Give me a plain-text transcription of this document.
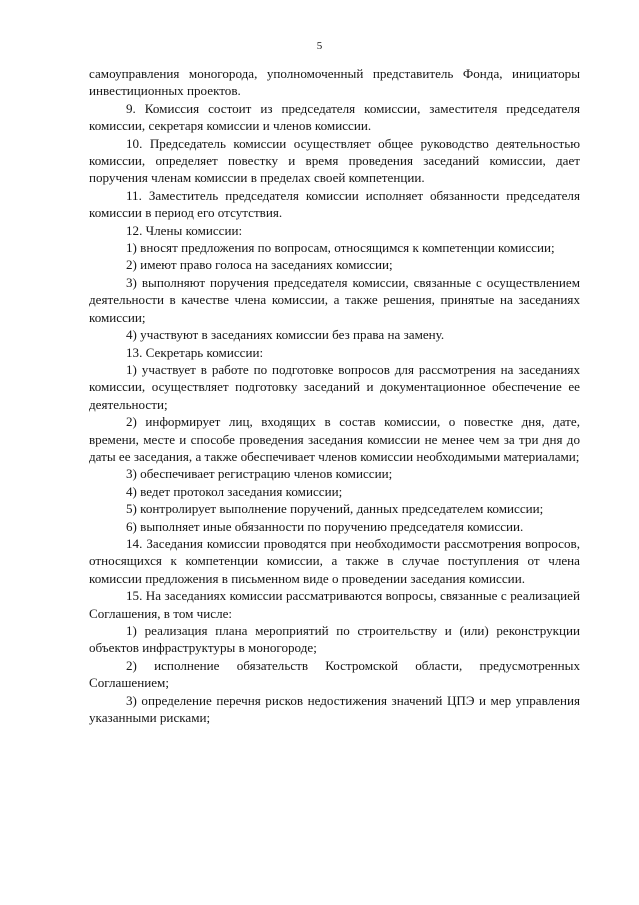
5

самоуправления моногорода, уполномоченный представитель Фонда, инициаторы инвестиционных проектов.

9. Комиссия состоит из председателя комиссии, заместителя председателя комиссии, секретаря комиссии и членов комиссии.

10. Председатель комиссии осуществляет общее руководство деятельностью комиссии, определяет повестку и время проведения заседаний комиссии, дает поручения членам комиссии в пределах своей компетенции.

11. Заместитель председателя комиссии исполняет обязанности председателя комиссии в период его отсутствия.

12. Члены комиссии:

1) вносят предложения по вопросам, относящимся к компетенции комиссии;

2) имеют право голоса на заседаниях комиссии;

3) выполняют поручения председателя комиссии, связанные с осуществлением деятельности в качестве члена комиссии, а также решения, принятые на заседаниях комиссии;

4) участвуют в заседаниях комиссии без права на замену.

13. Секретарь комиссии:

1) участвует в работе по подготовке вопросов для рассмотрения на заседаниях комиссии, осуществляет подготовку заседаний и документационное обеспечение ее деятельности;

2) информирует лиц, входящих в состав комиссии, о повестке дня, дате, времени, месте и способе проведения заседания комиссии не менее чем за три дня до даты ее заседания, а также обеспечивает членов комиссии необходимыми материалами;

3) обеспечивает регистрацию членов комиссии;

4) ведет протокол заседания комиссии;

5) контролирует выполнение поручений, данных председателем комиссии;

6) выполняет иные обязанности по поручению председателя комиссии.

14. Заседания комиссии проводятся при необходимости рассмотрения вопросов, относящихся к компетенции комиссии, а также в случае поступления от члена комиссии предложения в письменном виде о проведении заседания комиссии.

15. На заседаниях комиссии рассматриваются вопросы, связанные с реализацией Соглашения, в том числе:

1) реализация плана мероприятий по строительству и (или) реконструкции объектов инфраструктуры в моногороде;

2) исполнение обязательств Костромской области, предусмотренных Соглашением;

3) определение перечня рисков недостижения значений ЦПЭ и мер управления указанными рисками;
